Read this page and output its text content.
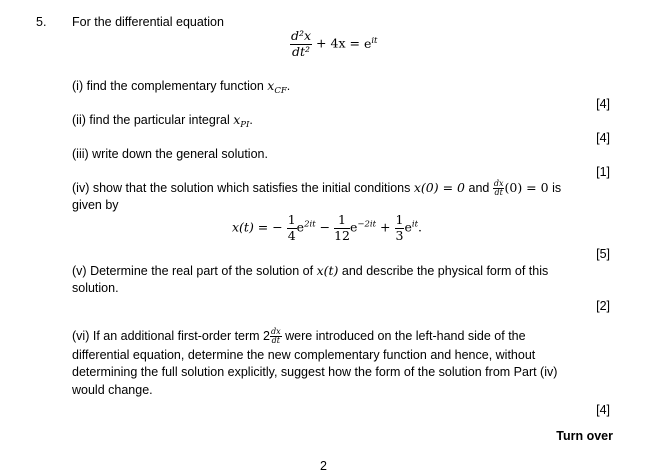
5. For the differential equation
$\frac{\text{d²x}}{\text{dt²}} + 4x = e^{it}$
(i) find the complementary function $x_{CF}$.
[4]
(ii) find the particular integral $x_{PI}$.
[4]
(iii) write down the general solution.
[1]
(iv) show that the solution which satisfies the initial conditions x(0) = 0 and $\frac{dx}{dt} (0) = 0$ is
given by
x(t) = − $\frac{1}{4} e^{2it} - \frac{1}{12} e^{-2it} + \frac{1}{3} e^{it}$.
[5]
(v) Determine the real part of the solution of x(t) and describe the physical form of this
solution.
[2]
(vi) If an additional first-order term $2 \frac{dx}{dt}$ were introduced on the left-hand side of the
differential equation, determine the new complementary function and hence, without
determining the full solution explicitly, suggest how the form of the solution from Part (iv)
would change.
[4]
Turn over
2
